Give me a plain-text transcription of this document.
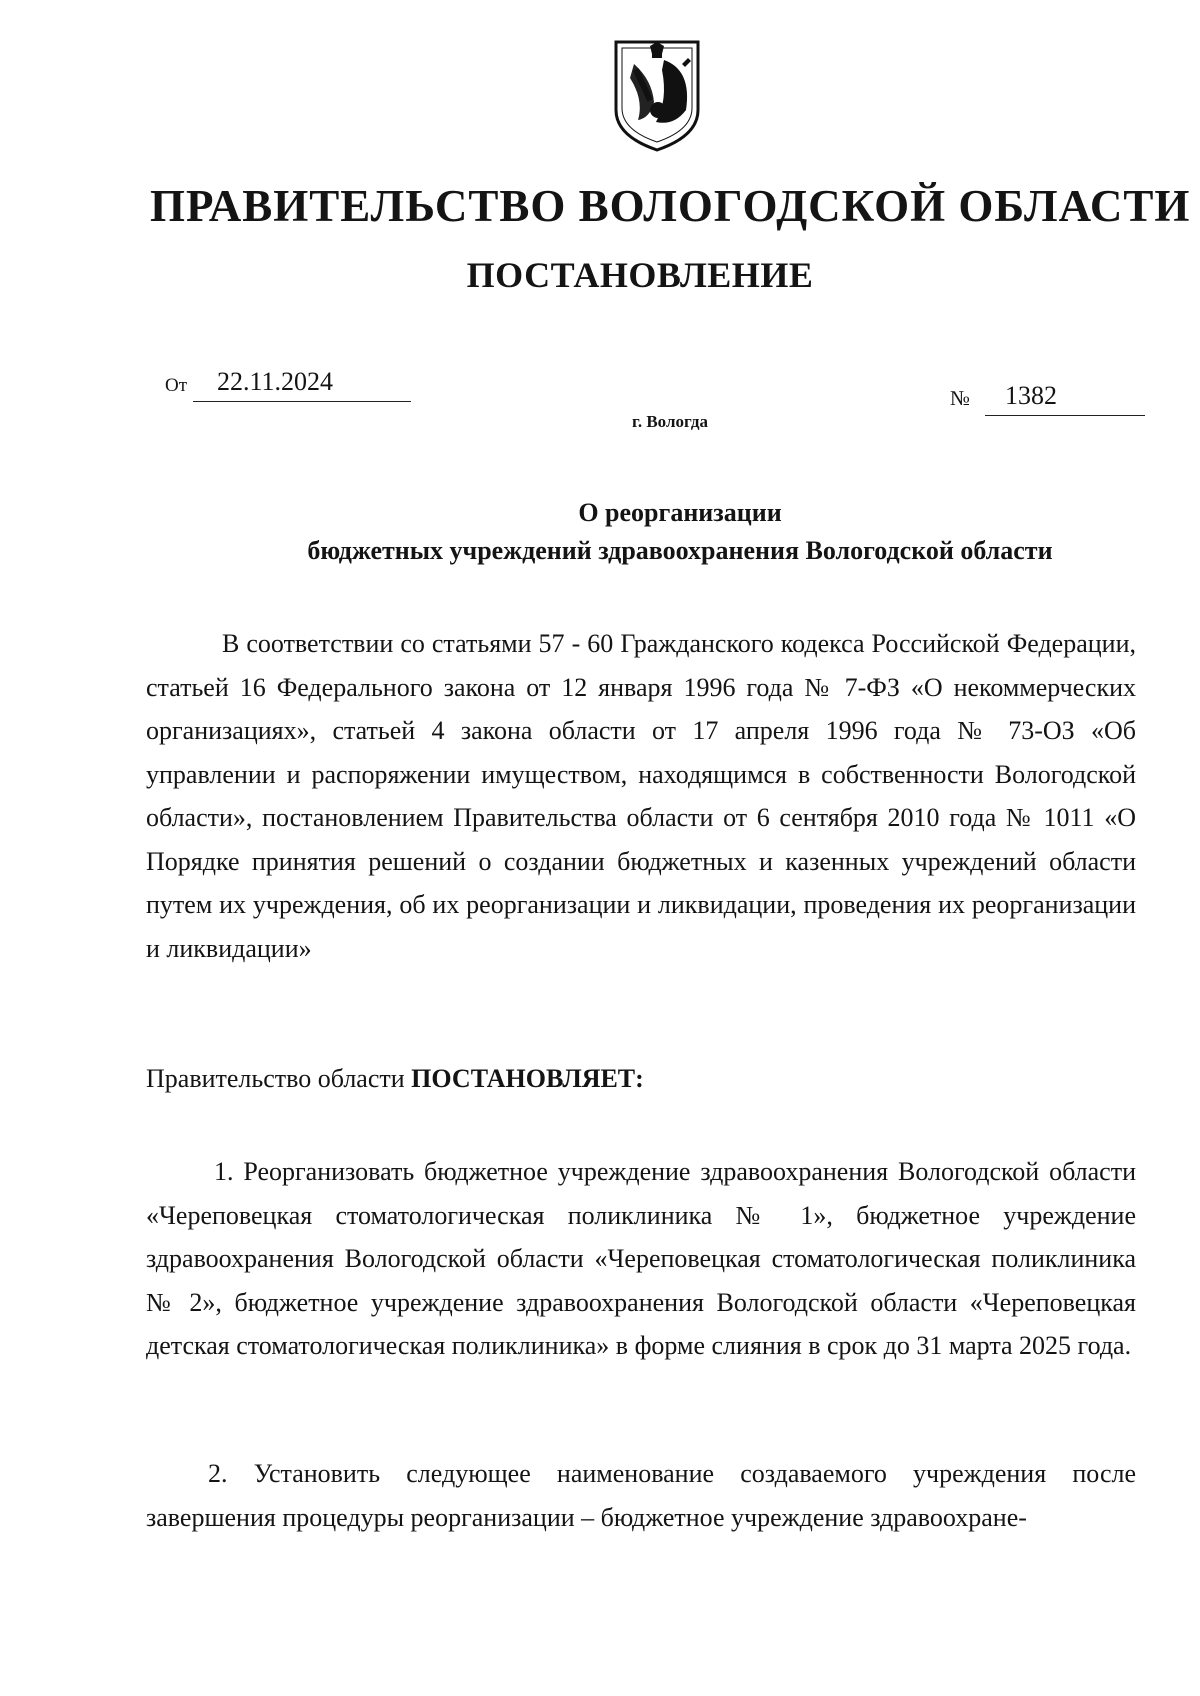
ПРАВИТЕЛЬСТВО ВОЛОГОДСКОЙ ОБЛАСТИ
ПОСТАНОВЛЕНИЕ
От	22.11.2024
№	1382
г. Вологда
О реорганизации
бюджетных учреждений здравоохранения Вологодской области
В соответствии со статьями 57 - 60 Гражданского кодекса Российской Федерации, статьей 16 Федерального закона от 12 января 1996 года № 7-ФЗ «О некоммерческих организациях», статьей 4 закона области от 17 апреля 1996 года № 73-ОЗ «Об управлении и распоряжении имуществом, находящимся в собственности Вологодской области», постановлением Правительства области от 6 сентября 2010 года № 1011 «О Порядке принятия решений о создании бюджетных и казенных учреждений области путем их учреждения, об их реорганизации и ликвидации, проведения их реорганизации и ликвидации»
Правительство области ПОСТАНОВЛЯЕТ:
1. Реорганизовать бюджетное учреждение здравоохранения Вологодской области «Череповецкая стоматологическая поликлиника № 1», бюджетное учреждение здравоохранения Вологодской области «Череповецкая стоматологическая поликлиника № 2», бюджетное учреждение здравоохранения Вологодской области «Череповецкая детская стоматологическая поликлиника» в форме слияния в срок до 31 марта 2025 года.
2. Установить следующее наименование создаваемого учреждения после завершения процедуры реорганизации – бюджетное учреждение здравоохране-
